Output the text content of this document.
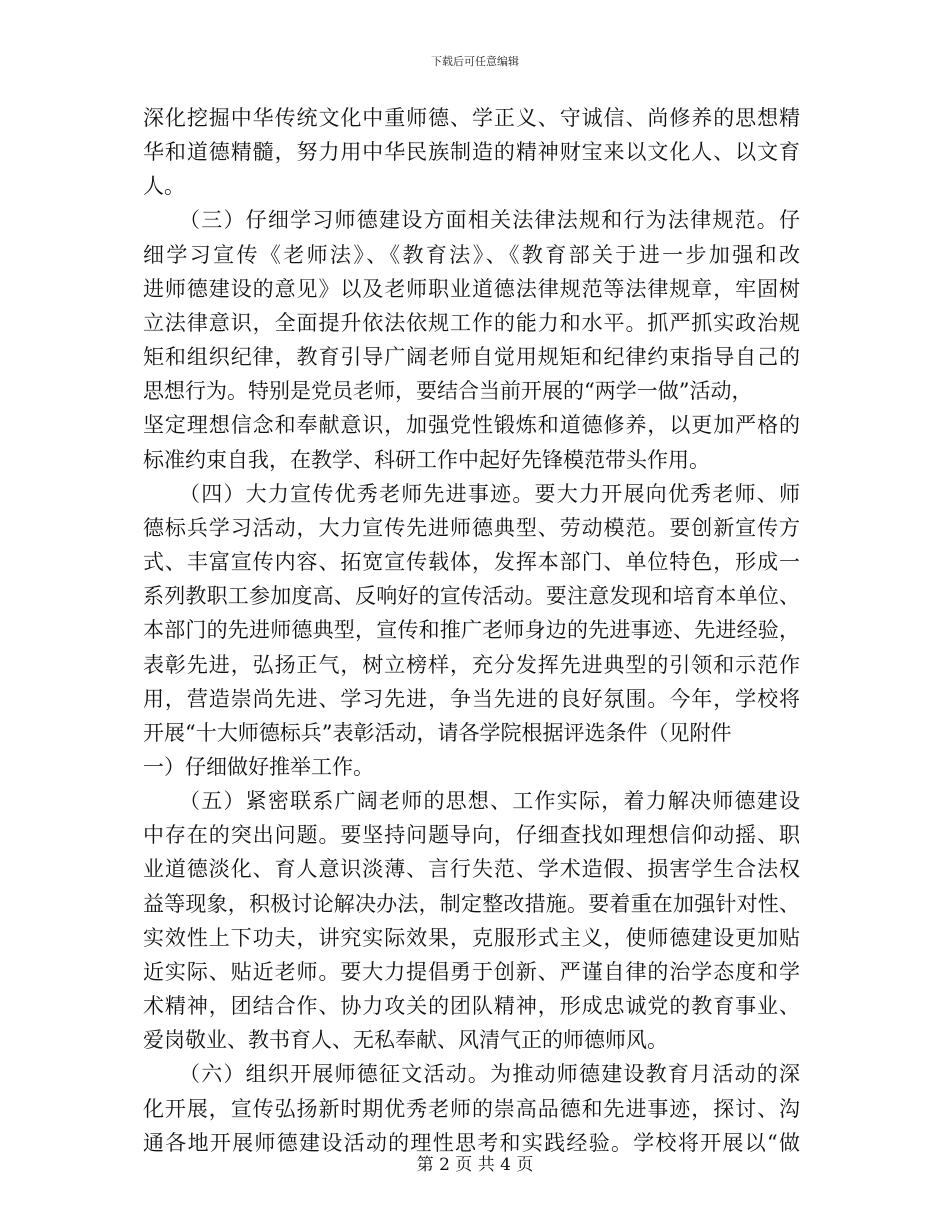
下载后可任意编辑
深化挖掘中华传统文化中重师德、学正义、守诚信、尚修养的思想精
华和道德精髓，努力用中华民族制造的精神财宝来以文化人、以文育
人。
（三）仔细学习师德建设方面相关法律法规和行为法律规范。仔
细学习宣传《老师法》、《教育法》、《教育部关于进一步加强和改
进师德建设的意见》以及老师职业道德法律规范等法律规章，牢固树
立法律意识，全面提升依法依规工作的能力和水平。抓严抓实政治规
矩和组织纪律，教育引导广阔老师自觉用规矩和纪律约束指导自己的
思想行为。特别是党员老师，要结合当前开展的“两学一做”活动，
坚定理想信念和奉献意识，加强党性锻炼和道德修养，以更加严格的
标准约束自我，在教学、科研工作中起好先锋模范带头作用。
（四）大力宣传优秀老师先进事迹。要大力开展向优秀老师、师
德标兵学习活动，大力宣传先进师德典型、劳动模范。要创新宣传方
式、丰富宣传内容、拓宽宣传载体，发挥本部门、单位特色，形成一
系列教职工参加度高、反响好的宣传活动。要注意发现和培育本单位、
本部门的先进师德典型，宣传和推广老师身边的先进事迹、先进经验，
表彰先进，弘扬正气，树立榜样，充分发挥先进典型的引领和示范作
用，营造崇尚先进、学习先进，争当先进的良好氛围。今年，学校将
开展“十大师德标兵”表彰活动，请各学院根据评选条件（见附件
一）仔细做好推举工作。
（五）紧密联系广阔老师的思想、工作实际，着力解决师德建设
中存在的突出问题。要坚持问题导向，仔细查找如理想信仰动摇、职
业道德淡化、育人意识淡薄、言行失范、学术造假、损害学生合法权
益等现象，积极讨论解决办法，制定整改措施。要着重在加强针对性、
实效性上下功夫，讲究实际效果，克服形式主义，使师德建设更加贴
近实际、贴近老师。要大力提倡勇于创新、严谨自律的治学态度和学
术精神，团结合作、协力攻关的团队精神，形成忠诚党的教育事业、
爱岗敬业、教书育人、无私奉献、风清气正的师德师风。
（六）组织开展师德征文活动。为推动师德建设教育月活动的深
化开展，宣传弘扬新时期优秀老师的崇高品德和先进事迹，探讨、沟
通各地开展师德建设活动的理性思考和实践经验。学校将开展以“做
第 2 页 共 4 页
